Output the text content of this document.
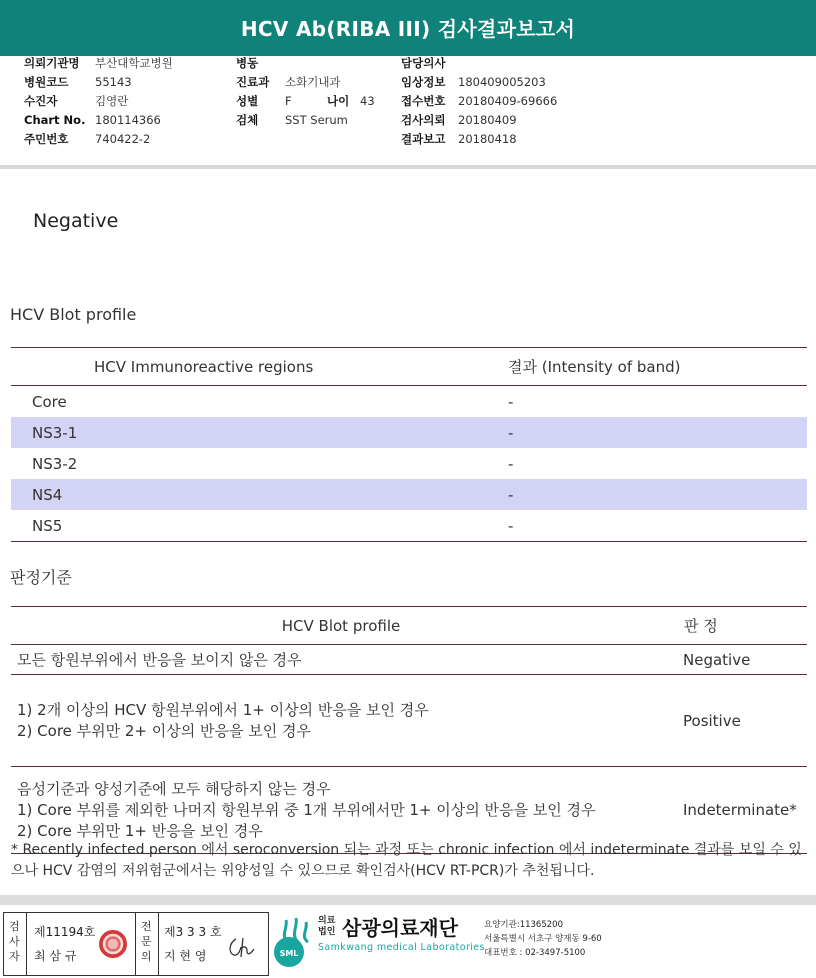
HCV Ab(RIBA III) 검사결과보고서
의뢰기관명 부산대학교병원
병원코드 55143
수진자	김영란
Chart No. 180114366
주민번호 740422-2
병동
진료과 소화기내과
성별 F	나이 43
검체 SST Serum
담당의사
임상정보 180409005203
접수번호 20180409-69666
검사의뢰 20180409
결과보고 20180418
Negative
HCV Blot profile
HCV Immunoreactive regions	결과 (Intensity of band)
Core	-
NS3-1	-
NS3-2	-
NS4	-
NS5	-
판정기준
HCV Blot profile	판 정

모든 항원부위에서 반응을 보이지 않은 경우	Negative

1) 2개 이상의 HCV 항원부위에서 1+ 이상의 반응을 보인 경우
2) Core 부위만 2+ 이상의 반응을 보인 경우	Positive

음성기준과 양성기준에 모두 해당하지 않는 경우
1) Core 부위를 제외한 나머지 항원부위 중 1개 부위에서만 1+ 이상의 반응을 보인 경우
2) Core 부위만 1+ 반응을 보인 경우	Indeterminate*
* Recently infected person 에서 seroconversion 되는 과정 또는 chronic infection 에서 indeterminate 결과를 보일 수 있으나 HCV 감염의 저위험군에서는 위양성일 수 있으므로 확인검사(HCV RT-PCR)가 추천됩니다.
검사자
제11194호
최 삼 규
전문의
제3 3 3 호
지 현 영	SML
의료법인 삼광의료재단
Samkwang medical Laboratories
요양기관:11365200
서울특별시 서초구 양재동 9-60
대표번호 : 02-3497-5100
